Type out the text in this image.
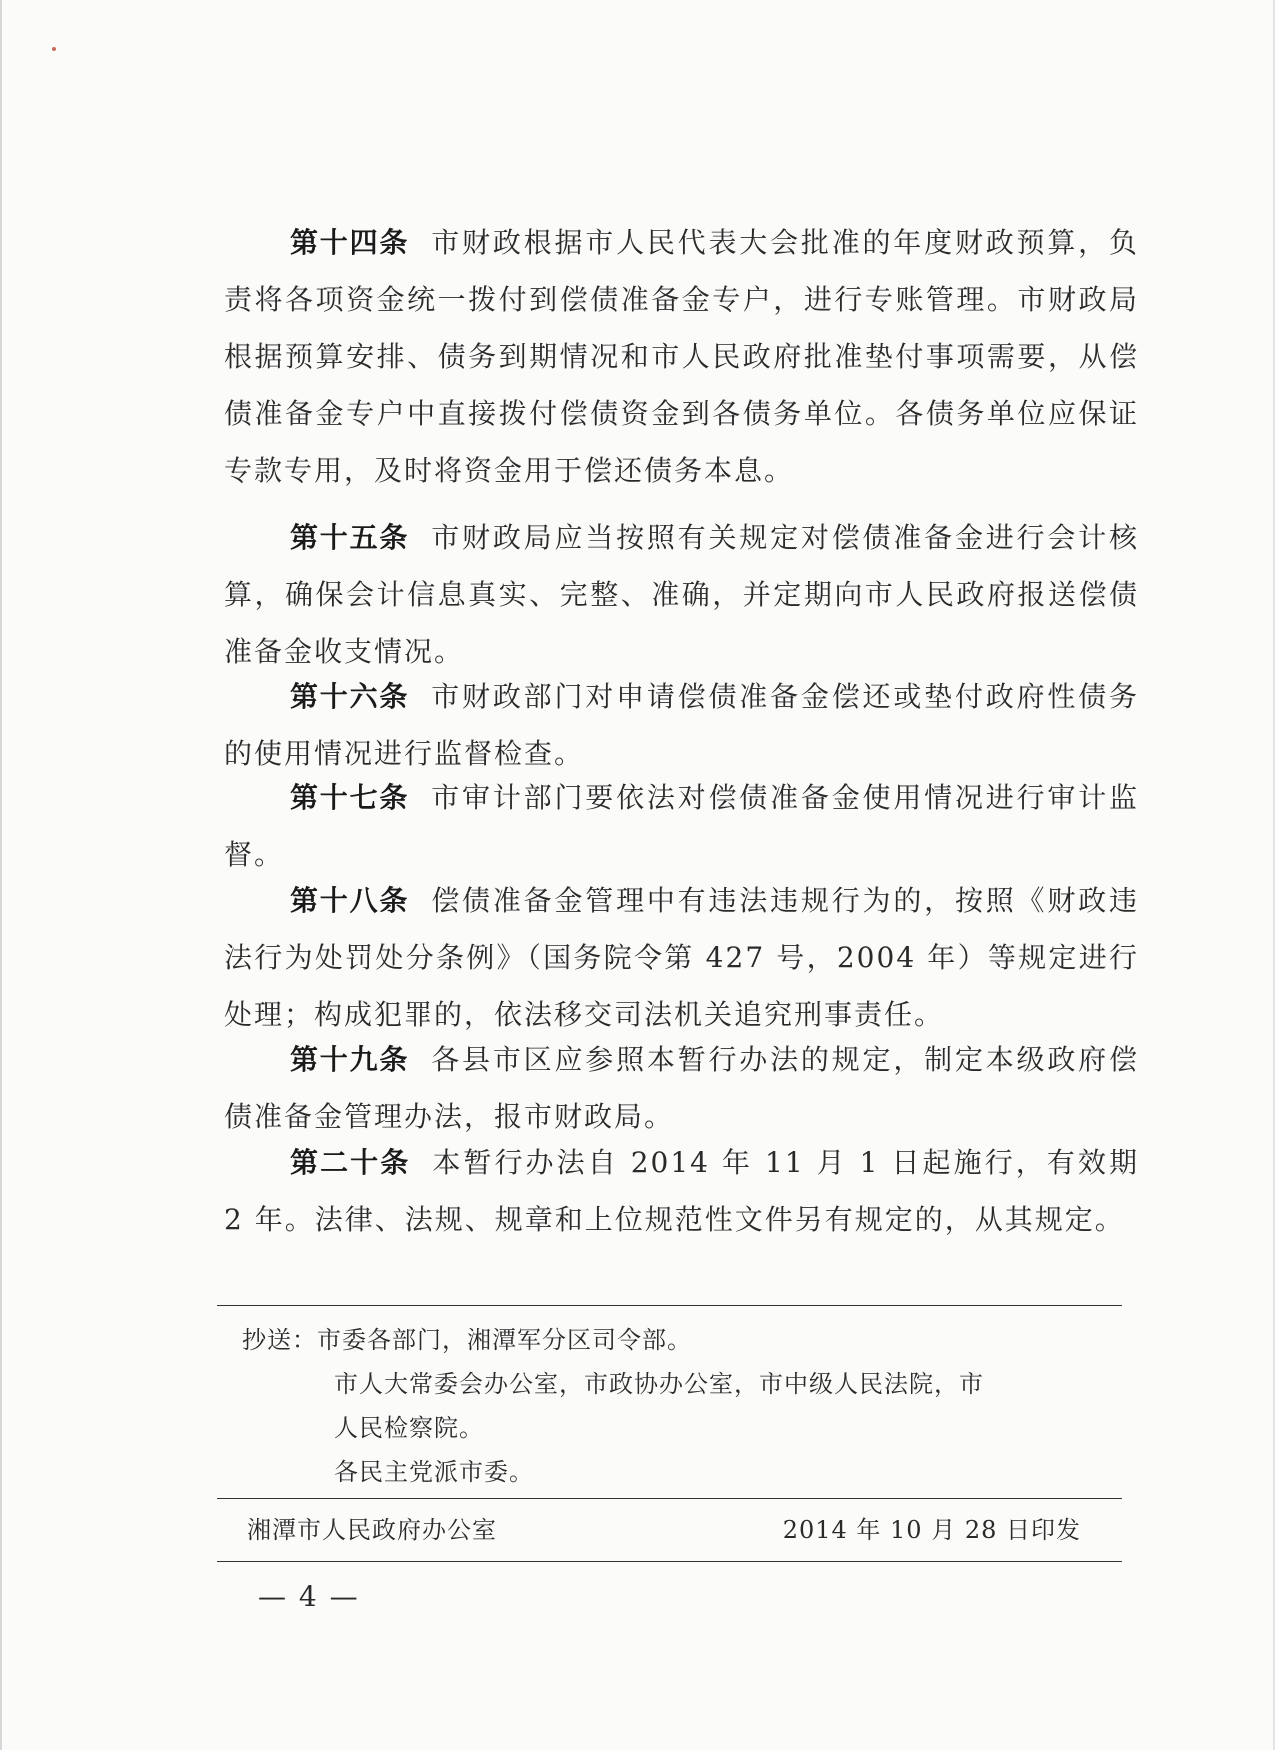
第十四条 市财政根据市人民代表大会批准的年度财政预算，负责将各项资金统一拨付到偿债准备金专户，进行专账管理。市财政局根据预算安排、债务到期情况和市人民政府批准垫付事项需要，从偿债准备金专户中直接拨付偿债资金到各债务单位。各债务单位应保证专款专用，及时将资金用于偿还债务本息。

第十五条 市财政局应当按照有关规定对偿债准备金进行会计核算，确保会计信息真实、完整、准确，并定期向市人民政府报送偿债准备金收支情况。

第十六条 市财政部门对申请偿债准备金偿还或垫付政府性债务的使用情况进行监督检查。

第十七条 市审计部门要依法对偿债准备金使用情况进行审计监督。

第十八条 偿债准备金管理中有违法违规行为的，按照《财政违法行为处罚处分条例》（国务院令第 427 号，2004 年）等规定进行处理；构成犯罪的，依法移交司法机关追究刑事责任。

第十九条 各县市区应参照本暂行办法的规定，制定本级政府偿债准备金管理办法，报市财政局。

第二十条 本暂行办法自 2014 年 11 月 1 日起施行，有效期 2 年。法律、法规、规章和上位规范性文件另有规定的，从其规定。

抄送：市委各部门，湘潭军分区司令部。

市人大常委会办公室，市政协办公室，市中级人民法院，市

人民检察院。

各民主党派市委。

湘潭市人民政府办公室	2014 年 10 月 28 日印发
— 4 —
